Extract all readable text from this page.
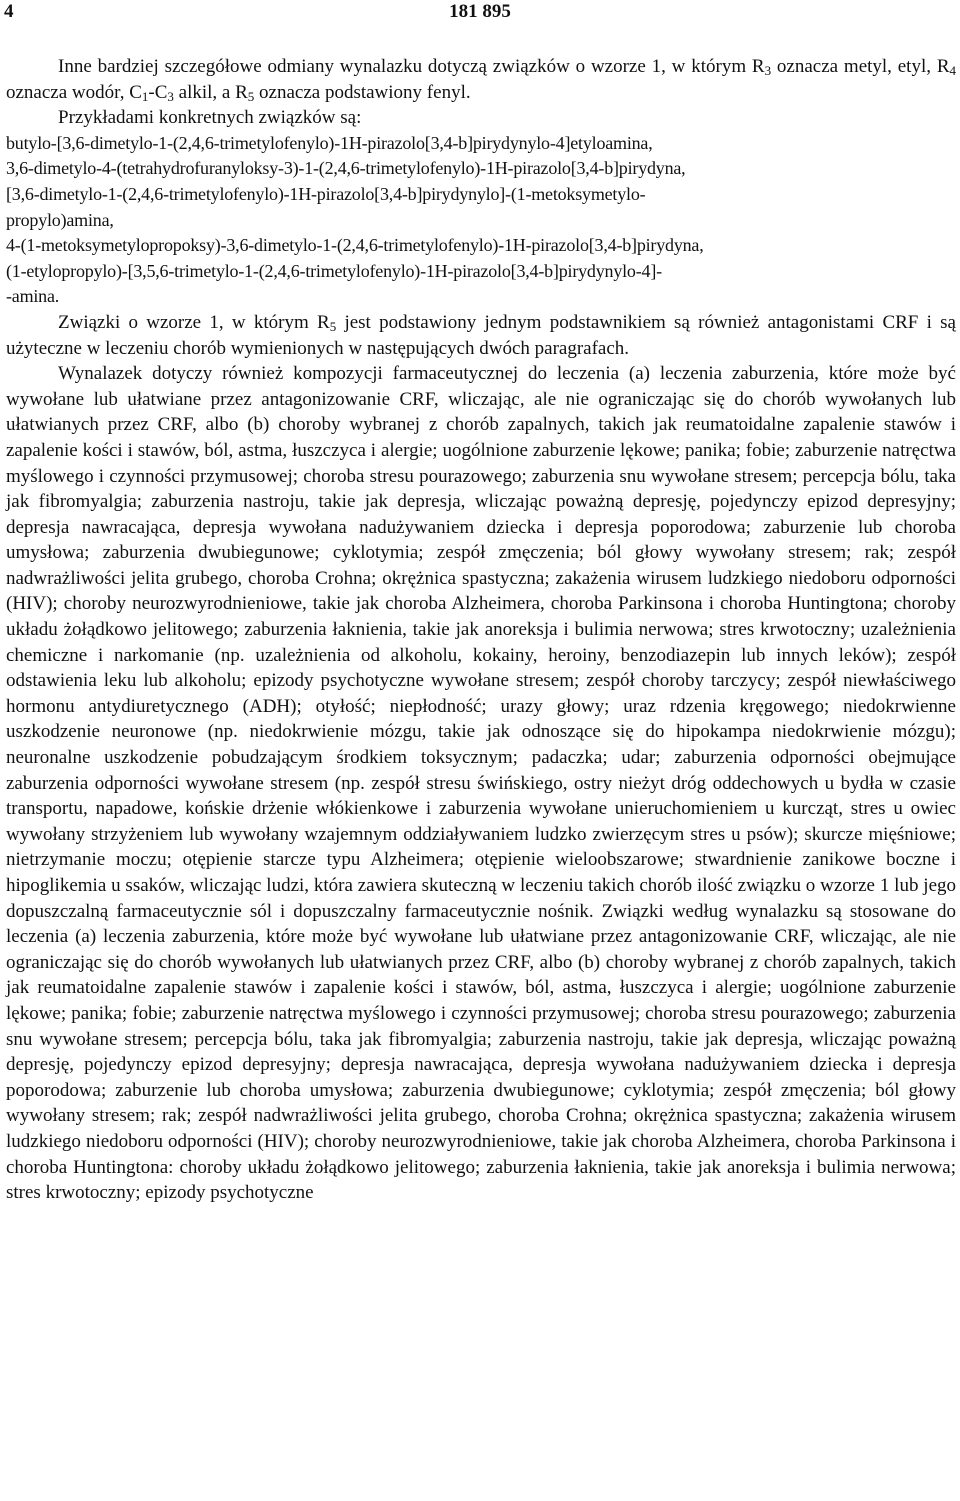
4	181 895

Inne bardziej szczegółowe odmiany wynalazku dotyczą związków o wzorze 1, w którym $R_3$ oznacza metyl, etyl, $R_4$ oznacza wodór, $C_1-C_3$ alkil, a $R_5$ oznacza podstawiony fenyl.

Przykładami konkretnych związków są:

butylo-[3,6-dimetylo-1-(2,4,6-trimetylofenylo)-1H-pirazolo[3,4-b]pirydynylo-4]etyloamina,

3,6-dimetylo-4-(tetrahydrofuranyloksy-3)-1-(2,4,6-trimetylofenylo)-1H-pirazolo[3,4-b]pirydyna,

[3,6-dimetylo-1-(2,4,6-trimetylofenylo)-1H-pirazolo[3,4-b]pirydynylo]-(1-metoksymetylo-

propylo)amina,

4-(1-metoksymetylopropoksy)-3,6-dimetylo-1-(2,4,6-trimetylofenylo)-1H-pirazolo[3,4-b]pirydyna,

(1-etylopropylo)-[3,5,6-trimetylo-1-(2,4,6-trimetylofenylo)-1H-pirazolo[3,4-b]pirydynylo-4]-

-amina.

Związki o wzorze 1, w którym $R_5$ jest podstawiony jednym podstawnikiem są również antagonistami CRF i są użyteczne w leczeniu chorób wymienionych w następujących dwóch paragrafach.

Wynalazek dotyczy również kompozycji farmaceutycznej do leczenia (a) leczenia zaburzenia, które może być wywołane lub ułatwiane przez antagonizowanie CRF, wliczając, ale nie ograniczając się do chorób wywołanych lub ułatwianych przez CRF, albo (b) choroby wybranej z chorób zapalnych, takich jak reumatoidalne zapalenie stawów i zapalenie kości i stawów, ból, astma, łuszczyca i alergie; uogólnione zaburzenie lękowe; panika; fobie; zaburzenie natręctwa myślowego i czynności przymusowej; choroba stresu pourazowego; zaburzenia snu wywołane stresem; percepcja bólu, taka jak fibromyalgia; zaburzenia nastroju, takie jak depresja, wliczając poważną depresję, pojedynczy epizod depresyjny; depresja nawracająca, depresja wywołana nadużywaniem dziecka i depresja poporodowa; zaburzenie lub choroba umysłowa; zaburzenia dwubiegunowe; cyklotymia; zespół zmęczenia; ból głowy wywołany stresem; rak; zespół nadwrażliwości jelita grubego, choroba Crohna; okrężnica spastyczna; zakażenia wirusem ludzkiego niedoboru odporności (HIV); choroby neurozwyrodnieniowe, takie jak choroba Alzheimera, choroba Parkinsona i choroba Huntingtona; choroby układu żołądkowo jelitowego; zaburzenia łaknienia, takie jak anoreksja i bulimia nerwowa; stres krwotoczny; uzależnienia chemiczne i narkomanie (np. uzależnienia od alkoholu, kokainy, heroiny, benzodiazepin lub innych leków); zespół odstawienia leku lub alkoholu; epizody psychotyczne wywołane stresem; zespół choroby tarczycy; zespół niewłaściwego hormonu antydiuretycznego (ADH); otyłość; niepłodność; urazy głowy; uraz rdzenia kręgowego; niedokrwienne uszkodzenie neuronowe (np. niedokrwienie mózgu, takie jak odnoszące się do hipokampa niedokrwienie mózgu); neuronalne uszkodzenie pobudzającym środkiem toksycznym; padaczka; udar; zaburzenia odporności obejmujące zaburzenia odporności wywołane stresem (np. zespół stresu świńskiego, ostry nieżyt dróg oddechowych u bydła w czasie transportu, napadowe, końskie drżenie włókienkowe i zaburzenia wywołane unieruchomieniem u kurcząt, stres u owiec wywołany strzyżeniem lub wywołany wzajemnym oddziaływaniem ludzko zwierzęcym stres u psów); skurcze mięśniowe; nietrzymanie moczu; otępienie starcze typu Alzheimera; otępienie wieloobszarowe; stwardnienie zanikowe boczne i hipoglikemia u ssaków, wliczając ludzi, która zawiera skuteczną w leczeniu takich chorób ilość związku o wzorze 1 lub jego dopuszczalną farmaceutycznie sól i dopuszczalny farmaceutycznie nośnik. Związki według wynalazku są stosowane do leczenia (a) leczenia zaburzenia, które może być wywołane lub ułatwiane przez antagonizowanie CRF, wliczając, ale nie ograniczając się do chorób wywołanych lub ułatwianych przez CRF, albo (b) choroby wybranej z chorób zapalnych, takich jak reumatoidalne zapalenie stawów i zapalenie kości i stawów, ból, astma, łuszczyca i alergie; uogólnione zaburzenie lękowe; panika; fobie; zaburzenie natręctwa myślowego i czynności przymusowej; choroba stresu pourazowego; zaburzenia snu wywołane stresem; percepcja bólu, taka jak fibromyalgia; zaburzenia nastroju, takie jak depresja, wliczając poważną depresję, pojedynczy epizod depresyjny; depresja nawracająca, depresja wywołana nadużywaniem dziecka i depresja poporodowa; zaburzenie lub choroba umysłowa; zaburzenia dwubiegunowe; cyklotymia; zespół zmęczenia; ból głowy wywołany stresem; rak; zespół nadwrażliwości jelita grubego, choroba Crohna; okrężnica spastyczna; zakażenia wirusem ludzkiego niedoboru odporności (HIV); choroby neurozwyrodnieniowe, takie jak choroba Alzheimera, choroba Parkinsona i choroba Huntingtona: choroby układu żołądkowo jelitowego; zaburzenia łaknienia, takie jak anoreksja i bulimia nerwowa; stres krwotoczny; epizody psychotyczne
